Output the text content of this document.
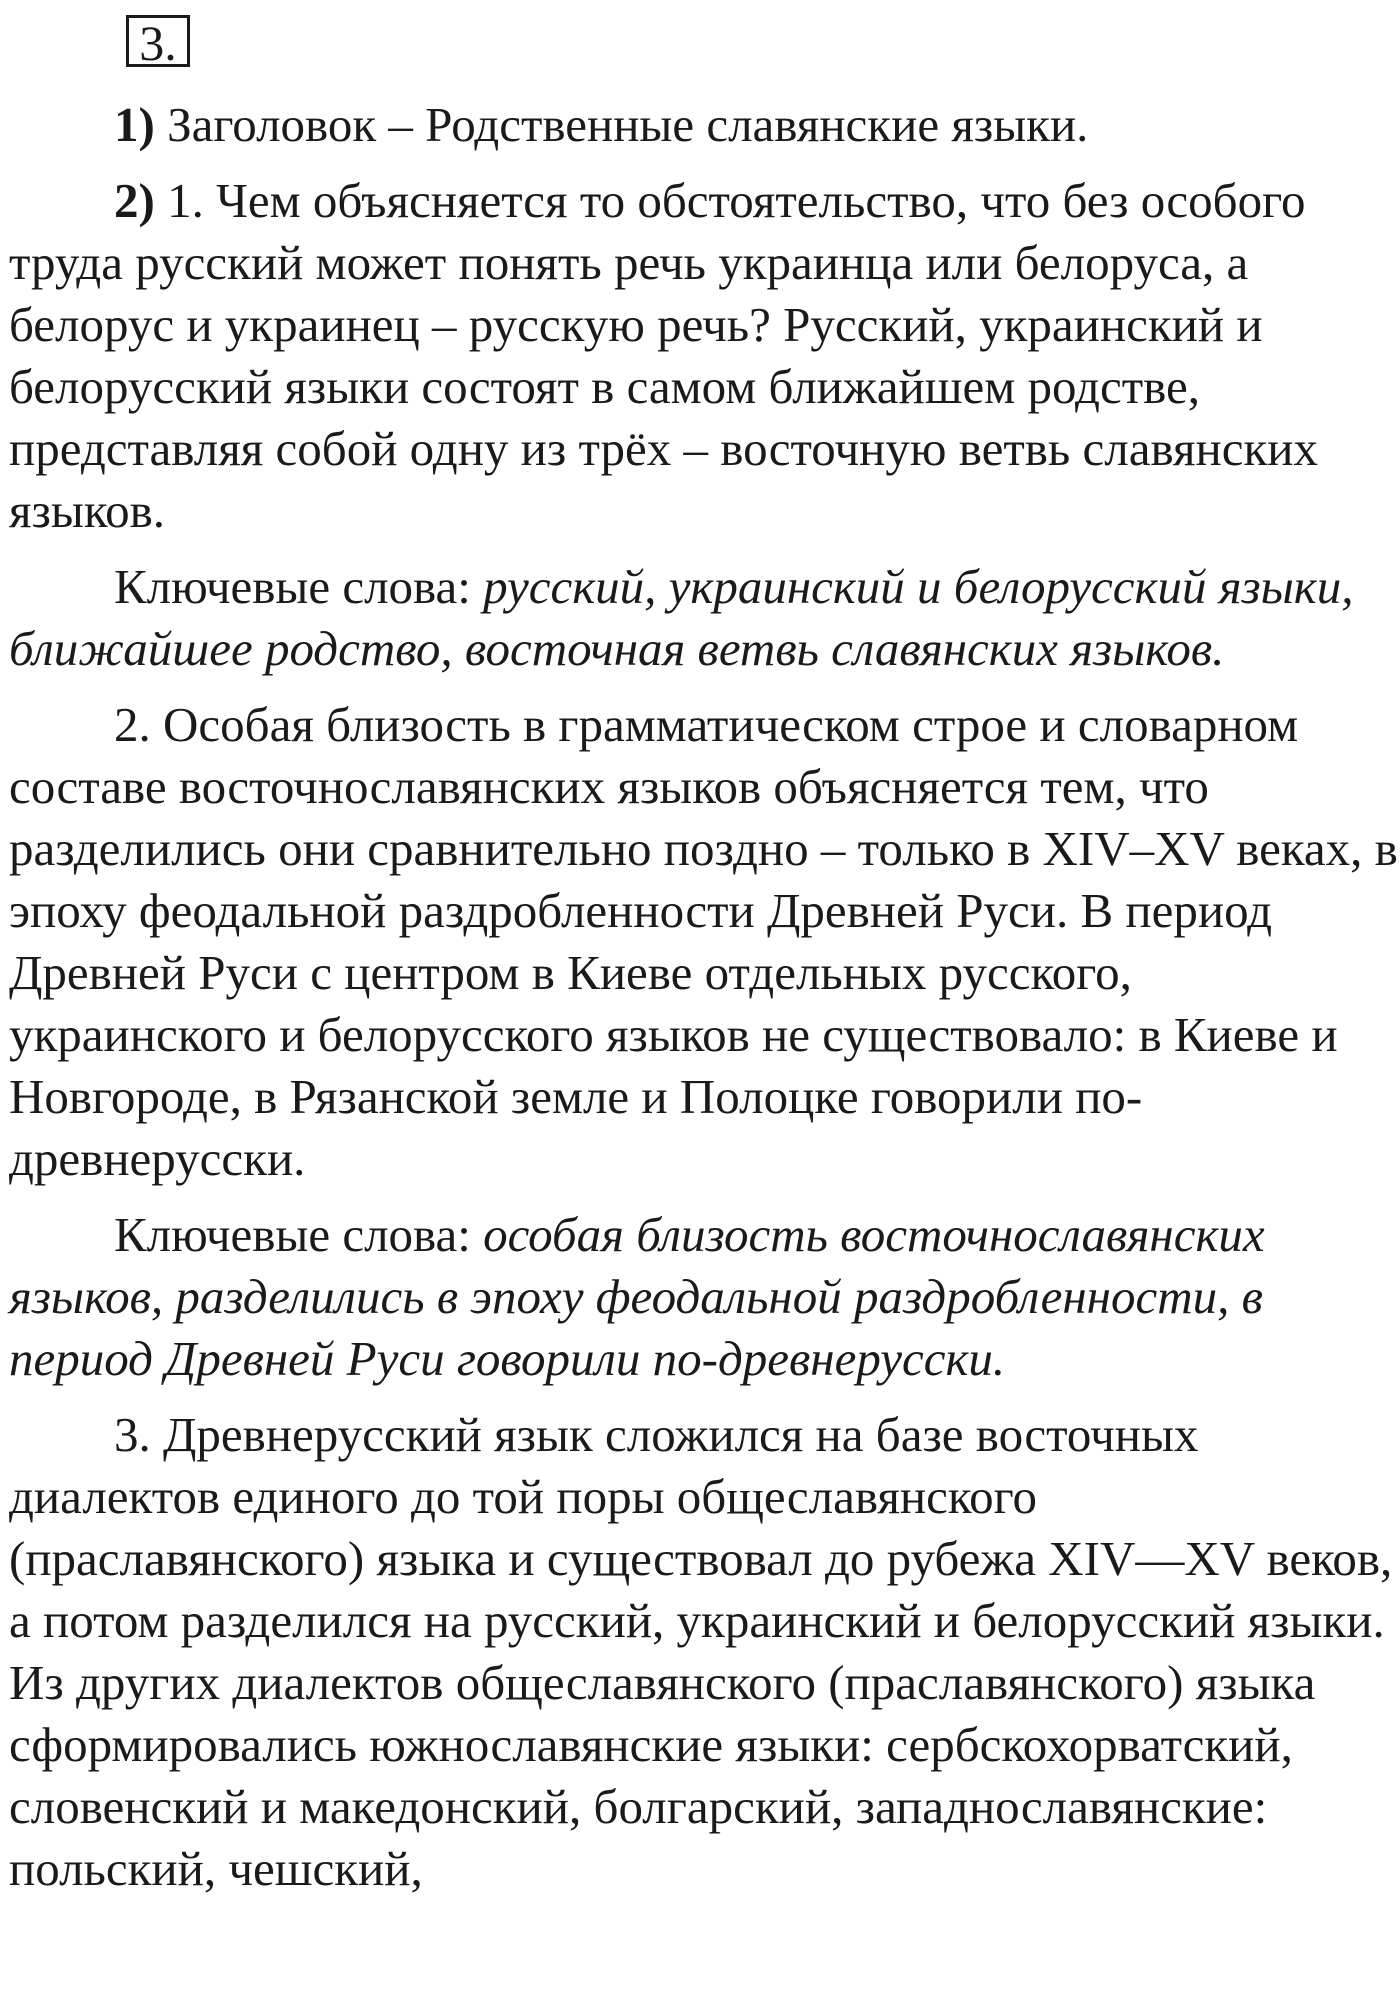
3.

1) Заголовок – Родственные славянские языки.

2) 1. Чем объясняется то обстоятельство, что без особого труда русский может понять речь украинца или белоруса, а белорус и украинец – русскую речь? Русский, украинский и белорусский языки состоят в самом ближайшем родстве, представляя собой одну из трёх – восточную ветвь славянских языков.

Ключевые слова: русский, украинский и белорусский языки, ближайшее родство, восточная ветвь славянских языков.

2. Особая близость в грамматическом строе и словарном составе восточнославянских языков объясняется тем, что разделились они сравнительно поздно – только в XIV–XV веках, в эпоху феодальной раздробленности Древней Руси. В период Древней Руси с центром в Киеве отдельных русского, украинского и белорусского языков не существовало: в Киеве и Новгороде, в Рязанской земле и Полоцке говорили по-древнерусски.

Ключевые слова: особая близость восточнославянских языков, разделились в эпоху феодальной раздробленности, в период Древней Руси говорили по-древнерусски.

3. Древнерусский язык сложился на базе восточных диалектов единого до той поры общеславянского (праславянского) языка и существовал до рубежа XIV—XV веков, а потом разделился на русский, украинский и белорусский языки. Из других диалектов общеславянского (праславянского) языка сформировались южнославянские языки: сербскохорватский, словенский и македонский, болгарский, западнославянские: польский, чешский,
